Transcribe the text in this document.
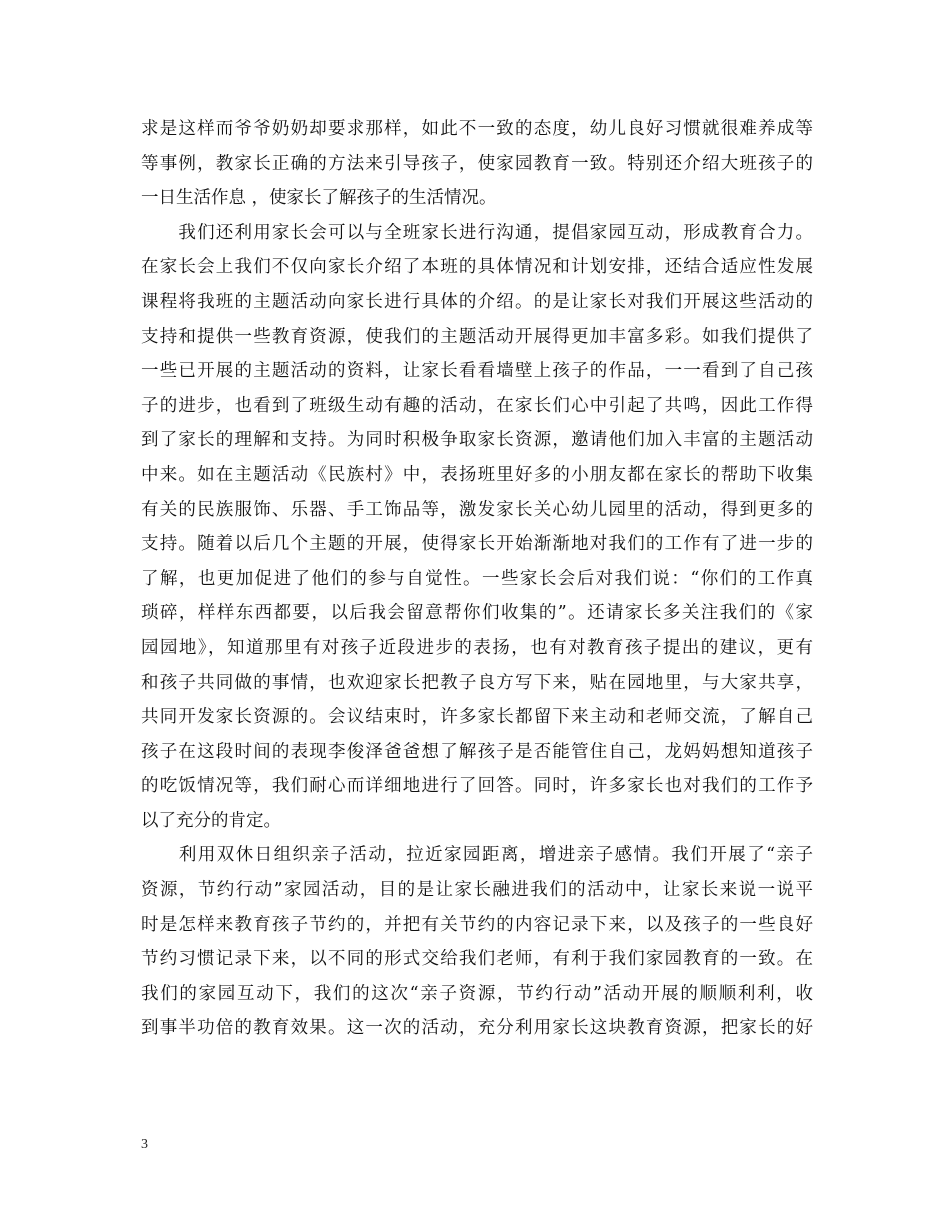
求是这样而爷爷奶奶却要求那样，如此不一致的态度，幼儿良好习惯就很难养成等
等事例，教家长正确的方法来引导孩子，使家园教育一致。特别还介绍大班孩子的
一日生活作息 ，使家长了解孩子的生活情况。
　　我们还利用家长会可以与全班家长进行沟通，提倡家园互动，形成教育合力。
在家长会上我们不仅向家长介绍了本班的具体情况和计划安排，还结合适应性发展
课程将我班的主题活动向家长进行具体的介绍。的是让家长对我们开展这些活动的
支持和提供一些教育资源，使我们的主题活动开展得更加丰富多彩。如我们提供了
一些已开展的主题活动的资料，让家长看看墙壁上孩子的作品，一一看到了自己孩
子的进步，也看到了班级生动有趣的活动，在家长们心中引起了共鸣，因此工作得
到了家长的理解和支持。为同时积极争取家长资源，邀请他们加入丰富的主题活动
中来。如在主题活动《民族村》中，表扬班里好多的小朋友都在家长的帮助下收集
有关的民族服饰、乐器、手工饰品等，激发家长关心幼儿园里的活动，得到更多的
支持。随着以后几个主题的开展，使得家长开始渐渐地对我们的工作有了进一步的
了解，也更加促进了他们的参与自觉性。一些家长会后对我们说：“你们的工作真
琐碎，样样东西都要，以后我会留意帮你们收集的”。还请家长多关注我们的《家
园园地》，知道那里有对孩子近段进步的表扬，也有对教育孩子提出的建议，更有
和孩子共同做的事情，也欢迎家长把教子良方写下来，贴在园地里，与大家共享，
共同开发家长资源的。会议结束时，许多家长都留下来主动和老师交流，了解自己
孩子在这段时间的表现李俊泽爸爸想了解孩子是否能管住自己，龙妈妈想知道孩子
的吃饭情况等，我们耐心而详细地进行了回答。同时，许多家长也对我们的工作予
以了充分的肯定。
　　利用双休日组织亲子活动，拉近家园距离，增进亲子感情。我们开展了“亲子
资源，节约行动”家园活动，目的是让家长融进我们的活动中，让家长来说一说平
时是怎样来教育孩子节约的，并把有关节约的内容记录下来，以及孩子的一些良好
节约习惯记录下来，以不同的形式交给我们老师，有利于我们家园教育的一致。在
我们的家园互动下，我们的这次“亲子资源，节约行动”活动开展的顺顺利利，收
到事半功倍的教育效果。这一次的活动，充分利用家长这块教育资源，把家长的好
3
